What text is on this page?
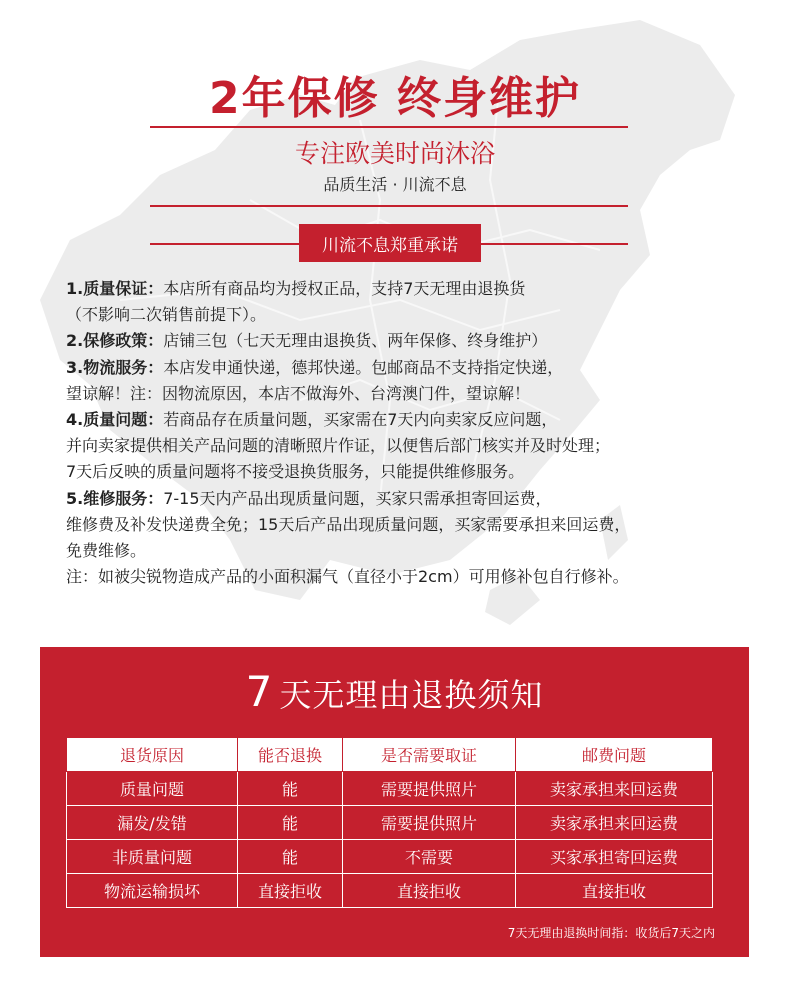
2年保修 终身维护
专注欧美时尚沐浴
品质生活 · 川流不息
川流不息郑重承诺
1.质量保证：本店所有商品均为授权正品，支持7天无理由退换货
（不影响二次销售前提下）。
2.保修政策：店铺三包（七天无理由退换货、两年保修、终身维护）
3.物流服务：本店发申通快递，德邦快递。包邮商品不支持指定快递，
望谅解！注：因物流原因，本店不做海外、台湾澳门件，望谅解！
4.质量问题：若商品存在质量问题，买家需在7天内向卖家反应问题，
并向卖家提供相关产品问题的清晰照片作证，以便售后部门核实并及时处理；
7天后反映的质量问题将不接受退换货服务，只能提供维修服务。
5.维修服务：7-15天内产品出现质量问题，买家只需承担寄回运费，
维修费及补发快递费全免；15天后产品出现质量问题，买家需要承担来回运费，
免费维修。
注：如被尖锐物造成产品的小面积漏气（直径小于2cm）可用修补包自行修补。
7 天无理由退换须知
退货原因	能否退换	是否需要取证	邮费问题
质量问题	能	需要提供照片	卖家承担来回运费
漏发/发错	能	需要提供照片	卖家承担来回运费
非质量问题	能	不需要	买家承担寄回运费
物流运输损坏	直接拒收	直接拒收	直接拒收
7天无理由退换时间指：收货后7天之内
